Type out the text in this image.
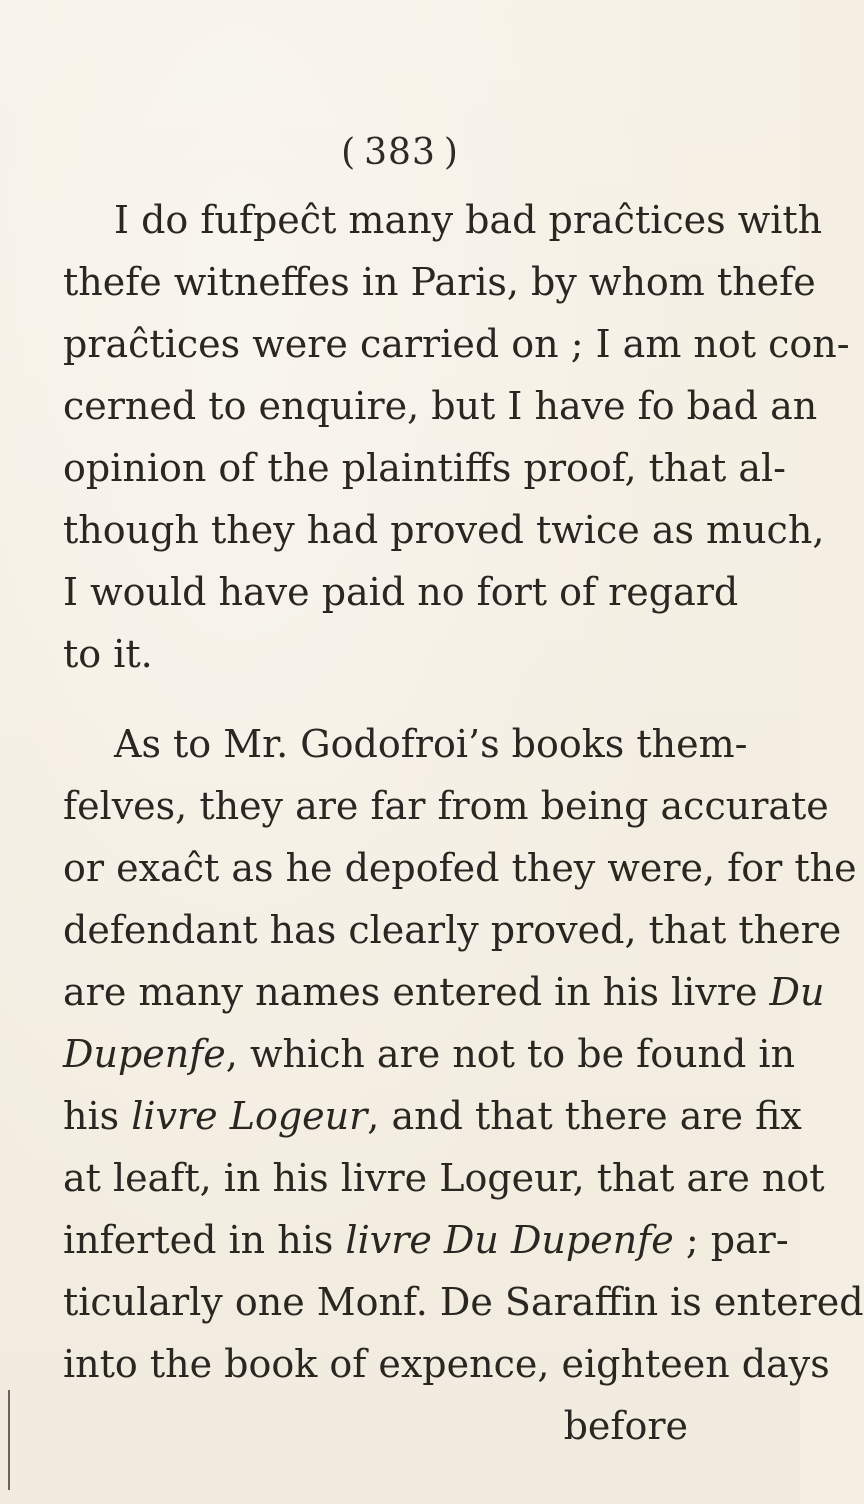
( 383 )
I do fufpeĉt many bad praĉtices with
thefe witneffes in Paris, by whom thefe
praĉtices were carried on ; I am not con-
cerned to enquire, but I have fo bad an
opinion of the plaintiffs proof, that al-
though they had proved twice as much,
I would have paid no fort of regard
to it.
As to Mr. Godofroi’s books them-
felves, they are far from being accurate
or exaĉt as he depofed they were, for the
defendant has clearly proved, that there
are many names entered in his livre Du
Dupenfe, which are not to be found in
his livre Logeur, and that there are fix
at leaft, in his livre Logeur, that are not
inferted in his livre Du Dupenfe ; par-
ticularly one Monf. De Saraffin is entered
into the book of expence, eighteen days
before
